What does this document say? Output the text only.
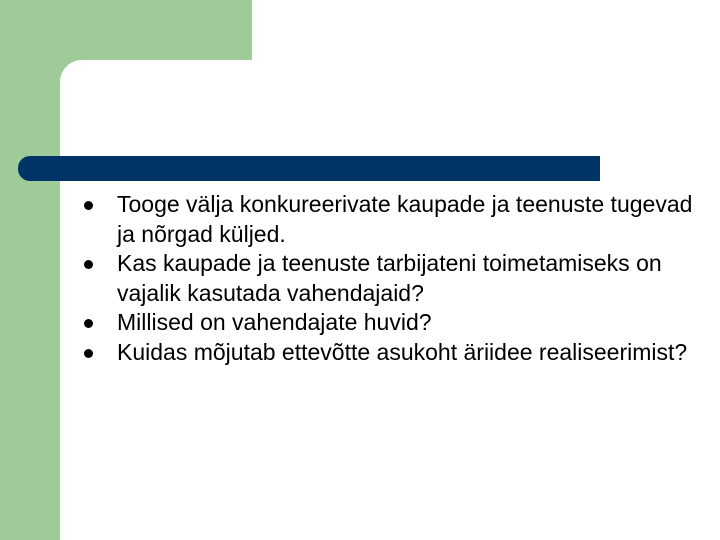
Tooge välja konkureerivate kaupade ja teenuste tugevad ja nõrgad küljed.
Kas kaupade ja teenuste tarbijateni toimetamiseks on vajalik kasutada vahendajaid?
Millised on vahendajate huvid?
Kuidas mõjutab ettevõtte asukoht äriidee realiseerimist?
